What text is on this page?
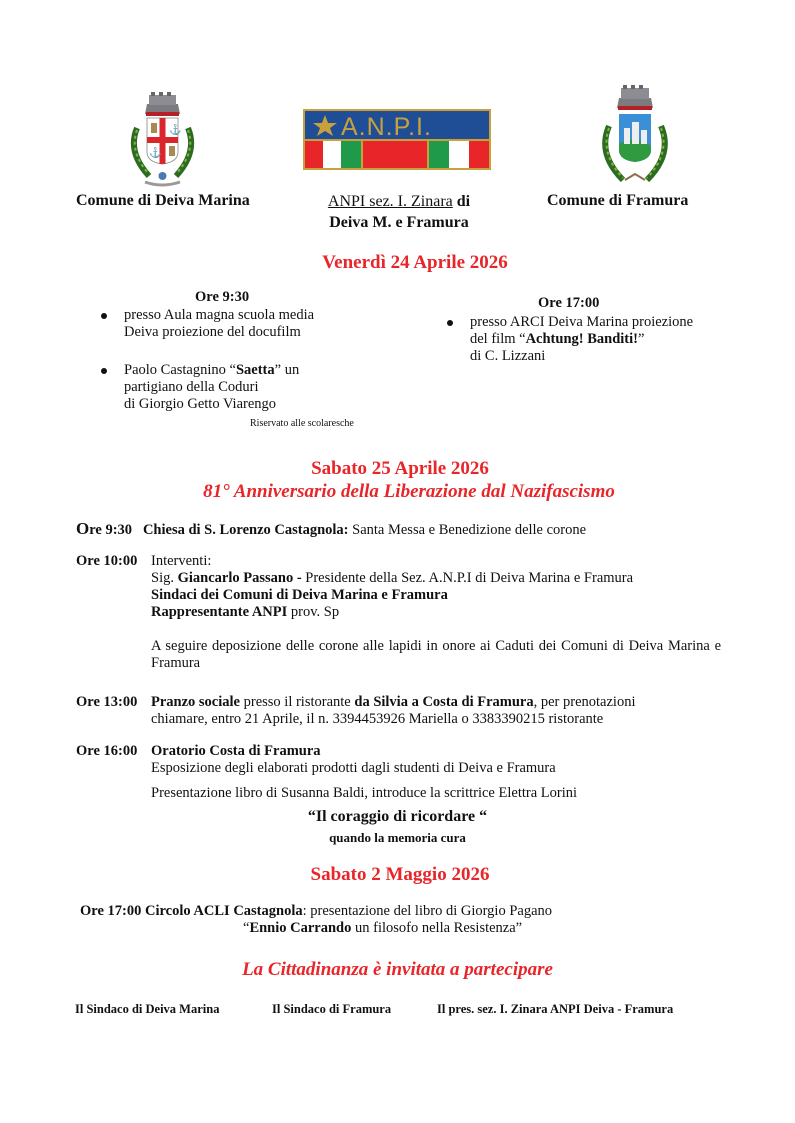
⚓
⚓
A.N.P.I.
Comune di Deiva Marina	ANPI sez. I. Zinara di
Deiva M. e Framura
Comune di Framura
Venerdì 24 Aprile 2026
Ore 9:30
presso Aula magna scuola media
Deiva proiezione del docufilm
Paolo Castagnino “Saetta” un
partigiano della Coduri
di Giorgio Getto Viarengo
Riservato alle scolaresche
Ore 17:00
presso ARCI Deiva Marina proiezione
del film “Achtung! Banditi!”
di C. Lizzani
Sabato 25 Aprile 2026
81° Anniversario della Liberazione dal Nazifascismo
Ore 9:30 Chiesa di S. Lorenzo Castagnola: Santa Messa e Benedizione delle corone
Ore 10:00 Interventi:
Sig. Giancarlo Passano - Presidente della Sez. A.N.P.I di Deiva Marina e Framura
Sindaci dei Comuni di Deiva Marina e Framura
Rappresentante ANPI prov. Sp
A seguire deposizione delle corone alle lapidi in onore ai Caduti dei Comuni di Deiva Marina e Framura
Ore 13:00 Pranzo sociale presso il ristorante da Silvia a Costa di Framura, per prenotazioni
chiamare, entro 21 Aprile, il n. 3394453926 Mariella o 3383390215 ristorante
Ore 16:00 Oratorio Costa di Framura
Esposizione degli elaborati prodotti dagli studenti di Deiva e Framura
Presentazione libro di Susanna Baldi, introduce la scrittrice Elettra Lorini
“Il coraggio di ricordare “
quando la memoria cura
Sabato 2 Maggio 2026
Ore 17:00 Circolo ACLI Castagnola: presentazione del libro di Giorgio Pagano
“Ennio Carrando un filosofo nella Resistenza”
La Cittadinanza è invitata a partecipare
Il Sindaco di Deiva Marina	Il Sindaco di Framura	Il pres. sez. I. Zinara ANPI Deiva - Framura
